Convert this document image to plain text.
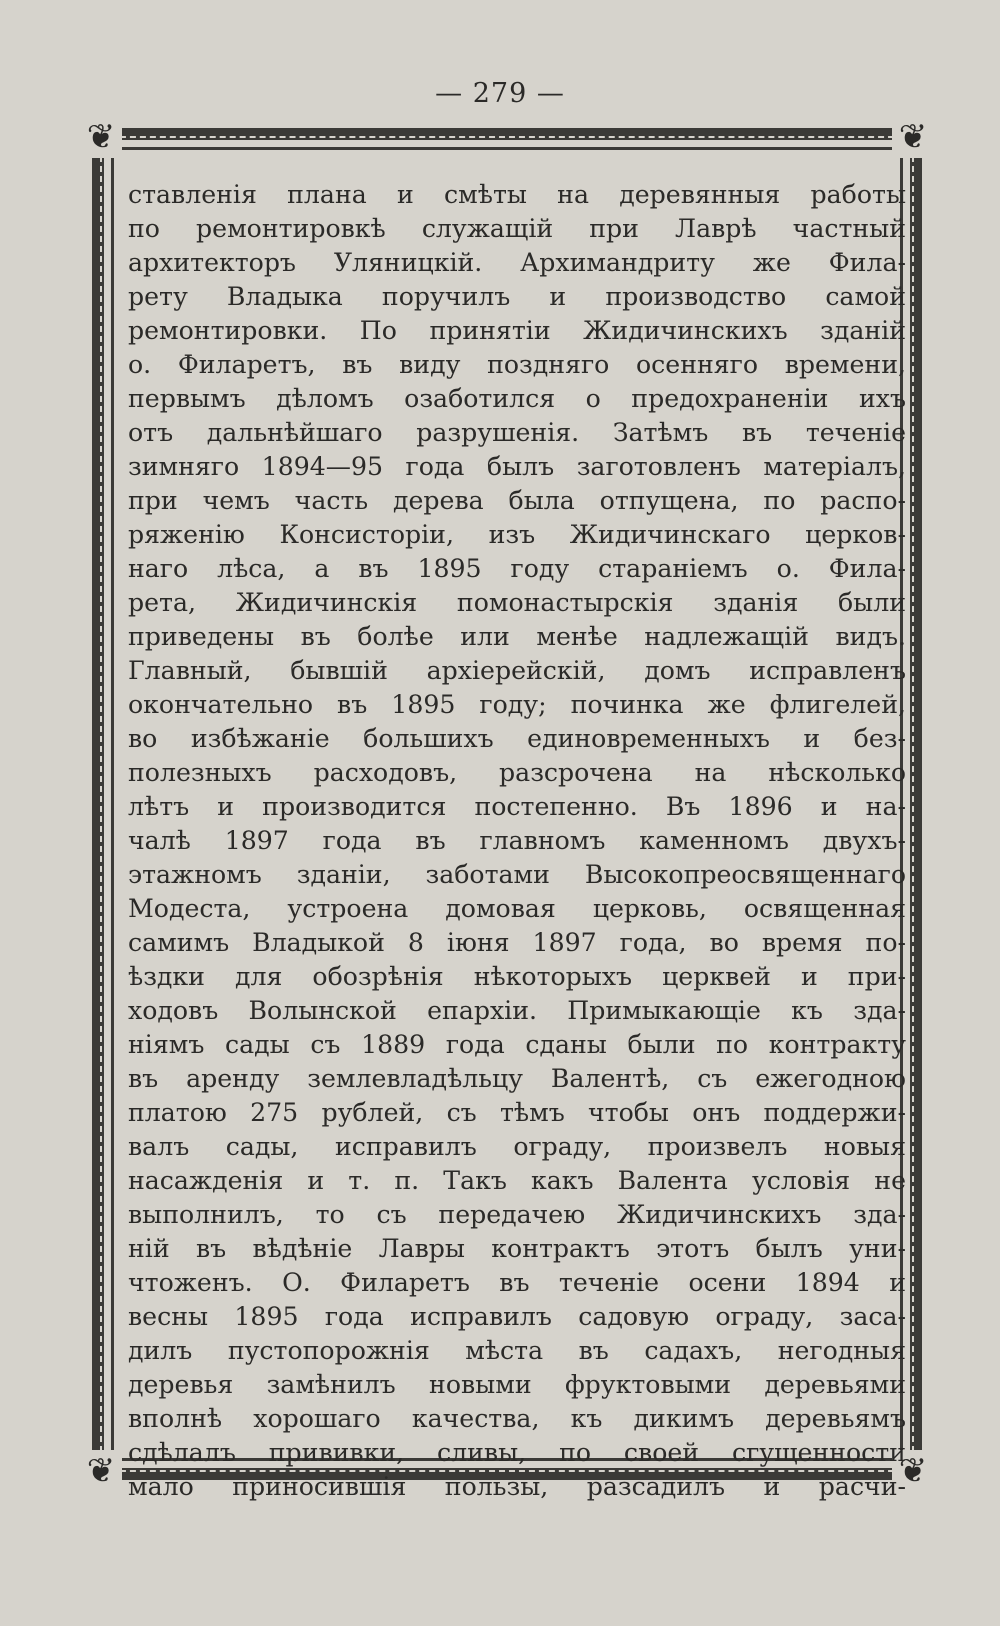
— 279 —
❦	❦
❦	❦
ставленія плана и смѣты на деревянныя работы
по ремонтировкѣ служащій при Лаврѣ частный
архитекторъ Уляницкій. Архимандриту же Фила-
рету Владыка поручилъ и производство самой
ремонтировки. По принятіи Жидичинскихъ зданій
о. Филаретъ, въ виду поздняго осенняго времени,
первымъ дѣломъ озаботился о предохраненіи ихъ
отъ дальнѣйшаго разрушенія. Затѣмъ въ теченіе
зимняго 1894—95 года былъ заготовленъ матеріалъ,
при чемъ часть дерева была отпущена, по распо-
ряженію Консисторіи, изъ Жидичинскаго церков-
наго лѣса, а въ 1895 году стараніемъ о. Фила-
рета, Жидичинскія помонастырскія зданія были
приведены въ болѣе или менѣе надлежащій видъ.
Главный, бывшій архіерейскій, домъ исправленъ
окончательно въ 1895 году; починка же флигелей,
во избѣжаніе большихъ единовременныхъ и без-
полезныхъ расходовъ, разсрочена на нѣсколько
лѣтъ и производится постепенно. Въ 1896 и на-
чалѣ 1897 года въ главномъ каменномъ двухъ-
этажномъ зданіи, заботами Высокопреосвященнаго
Модеста, устроена домовая церковь, освященная
самимъ Владыкой 8 іюня 1897 года, во время по-
ѣздки для обозрѣнія нѣкоторыхъ церквей и при-
ходовъ Волынской епархіи. Примыкающіе къ зда-
ніямъ сады съ 1889 года сданы были по контракту
въ аренду землевладѣльцу Валентѣ, съ ежегодною
платою 275 рублей, съ тѣмъ чтобы онъ поддержи-
валъ сады, исправилъ ограду, произвелъ новыя
насажденія и т. п. Такъ какъ Валента условія не
выполнилъ, то съ передачею Жидичинскихъ зда-
ній въ вѣдѣніе Лавры контрактъ этотъ былъ уни-
чтоженъ. О. Филаретъ въ теченіе осени 1894 и
весны 1895 года исправилъ садовую ограду, заса-
дилъ пустопорожнія мѣста въ садахъ, негодныя
деревья замѣнилъ новыми фруктовыми деревьями
вполнѣ хорошаго качества, къ дикимъ деревьямъ
сдѣлалъ прививки, сливы, по своей сгущенности
мало приносившія пользы, разсадилъ и расчи-
